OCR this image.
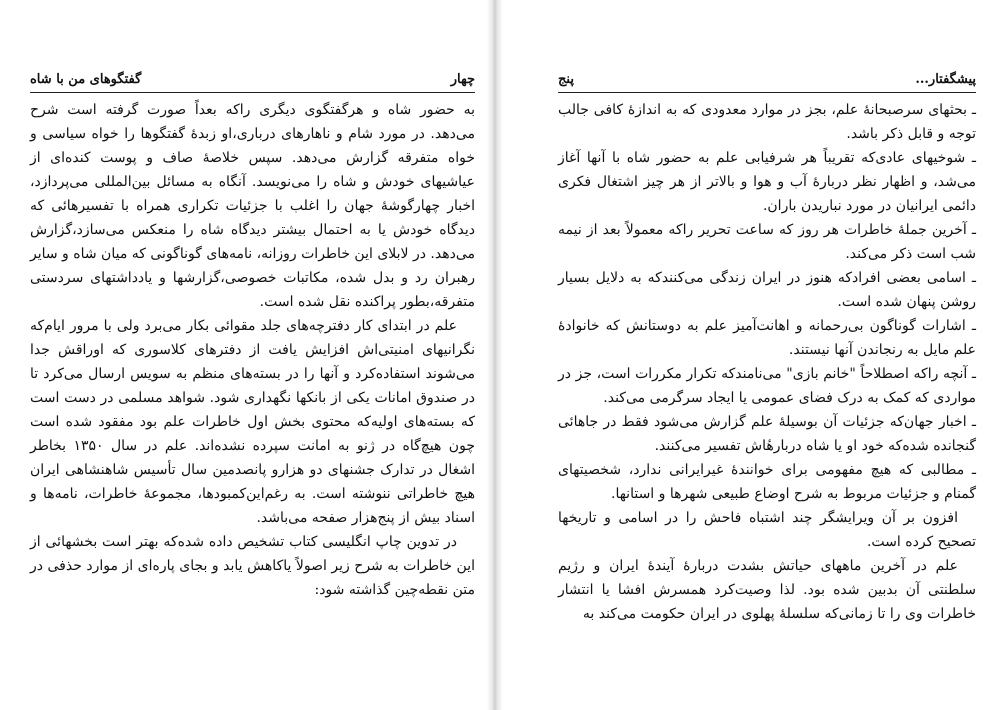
چهار
گفتگوهای من با شاه

به حضور شاه و هرگفتگوی دیگری راکه بعداً صورت گرفته است شرح می‌دهد. در مورد شام و ناهارهای درباری،او زبدهٔ گفتگوها را خواه سیاسی و خواه متفرقه گزارش می‌دهد. سپس خلاصهٔ صاف و پوست کنده‌ای از عیاشیهای خودش و شاه را می‌نویسد. آنگاه به مسائل بین‌المللی می‌پردازد، اخبار چهارگوشهٔ جهان را اغلب با جزئیات تکراری همراه با تفسیرهائی که دیدگاه خودش یا به احتمال بیشتر دیدگاه شاه را منعکس می‌سازد،گزارش می‌دهد. در لابلای این خاطرات روزانه، نامه‌های گوناگونی که میان شاه و سایر رهبران رد و بدل شده، مکاتبات خصوصی،گزارشها و یادداشتهای سردستی متفرقه،بطور پراکنده نقل شده است.

علم در ابتدای کار دفترچه‌های جلد مقوائی بکار می‌برد ولی با مرور ایام‌که نگرانیهای امنیتی‌اش افزایش یافت از دفترهای کلاسوری که اوراقش جدا می‌شوند استفاده‌کرد و آنها را در بسته‌های منظم به سویس ارسال می‌کرد تا در صندوق امانات یکی از بانکها نگهداری شود. شواهد مسلمی در دست است که بسته‌های اولیه‌که محتوی بخش اول خاطرات علم بود مفقود شده است چون هیچ‌گاه در ژنو به امانت سپرده نشده‌اند. علم در سال ۱۳۵۰ بخاطر اشغال در تدارک جشنهای دو هزارو پانصدمین سال تأسیس شاهنشاهی ایران هیچ خاطراتی ننوشته است. به رغم‌این‌کمبودها، مجموعهٔ خاطرات، نامه‌ها و اسناد بیش از پنج‌هزار صفحه می‌باشد.

در تدوین چاپ انگلیسی کتاب تشخیص داده شده‌که بهتر است بخشهائی از این خاطرات به شرح زیر اصولاً یا‌کاهش یابد و بجای پاره‌ای از موارد حذفی در متن نقطه‌چین گذاشته شود:

پیشگفتار...
پنج

ـ بحثهای سرصبحانهٔ علم، بجز در موارد معدودی که به اندازهٔ کافی جالب توجه و قابل ذکر باشد.

ـ شوخیهای عادی‌که تقریباً هر شرفیابی علم به حضور شاه با آنها آغاز می‌شد، و اظهار نظر دربارهٔ آب و هوا و بالاتر از هر چیز اشتغال فکری دائمی ایرانیان در مورد نباریدن باران.

ـ آخرین جملهٔ خاطرات هر روز که ساعت تحریر راکه معمولاً بعد از نیمه شب است ذکر می‌کند.

ـ اسامی بعضی افرادکه هنوز در ایران زندگی می‌کنند‌که به دلایل بسیار روشن پنهان شده است.

ـ اشارات گوناگون بی‌رحمانه و اهانت‌آمیز علم به دوستانش که خانوادهٔ علم مایل به رنجاندن آنها نیستند.

ـ آنچه راکه اصطلاحاً "خانم بازی" می‌نامندکه تکرار مکررات است، جز در مواردی که کمک به درک فضای عمومی یا ایجاد سرگرمی می‌کند.

ـ اخبار جهان‌که جزئیات آن بوسیلهٔ علم گزارش می‌شود فقط در جاهائی گنجانده شده‌که خود او یا شاه دربارهٔاش تفسیر می‌کنند.

ـ مطالبی که هیچ مفهومی برای خوانندهٔ غیرایرانی ندارد، شخصیتهای گمنام و جزئیات مربوط به شرح اوضاع طبیعی شهرها و استانها.

افزون بر آن ویرایشگر چند اشتباه فاحش را در اسامی و تاریخها تصحیح کرده است.

علم در آخرین ماههای حیاتش بشدت دربارهٔ آیندهٔ ایران و رژیم سلطنتی آن بدبین شده بود. لذا وصیت‌کرد همسرش افشا یا انتشار خاطرات وی را تا زمانی‌که سلسلهٔ پهلوی در ایران حکومت می‌کند به
